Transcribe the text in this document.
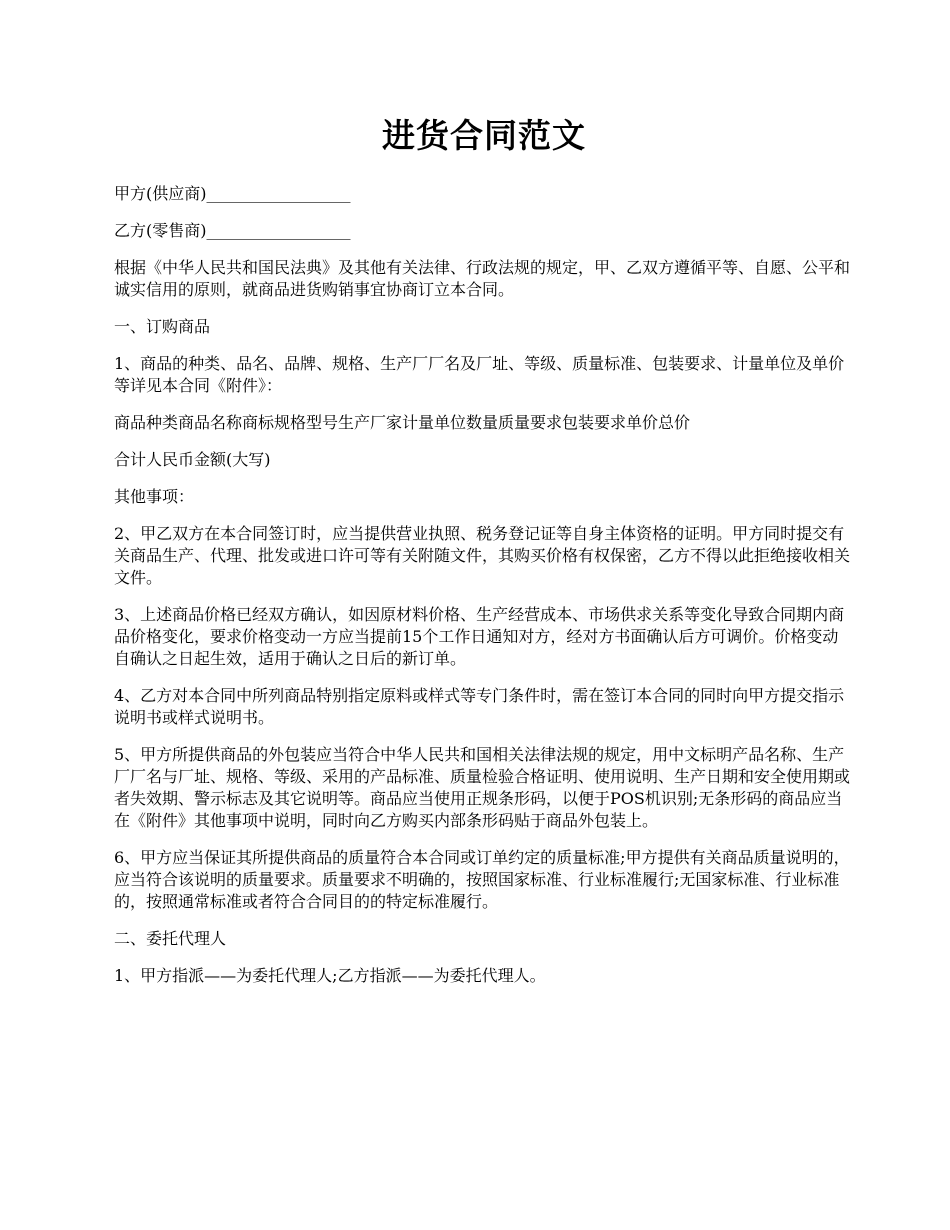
进货合同范文

甲方(供应商)__________________

乙方(零售商)__________________

根据《中华人民共和国民法典》及其他有关法律、行政法规的规定，甲、乙双方遵循平等、自愿、公平和诚实信用的原则，就商品进货购销事宜协商订立本合同。

一、订购商品

1、商品的种类、品名、品牌、规格、生产厂厂名及厂址、等级、质量标准、包装要求、计量单位及单价等详见本合同《附件》：

商品种类商品名称商标规格型号生产厂家计量单位数量质量要求包装要求单价总价

合计人民币金额(大写)

其他事项：

2、甲乙双方在本合同签订时，应当提供营业执照、税务登记证等自身主体资格的证明。甲方同时提交有关商品生产、代理、批发或进口许可等有关附随文件，其购买价格有权保密，乙方不得以此拒绝接收相关文件。

3、上述商品价格已经双方确认，如因原材料价格、生产经营成本、市场供求关系等变化导致合同期内商品价格变化，要求价格变动一方应当提前15个工作日通知对方，经对方书面确认后方可调价。价格变动自确认之日起生效，适用于确认之日后的新订单。

4、乙方对本合同中所列商品特别指定原料或样式等专门条件时，需在签订本合同的同时向甲方提交指示说明书或样式说明书。

5、甲方所提供商品的外包装应当符合中华人民共和国相关法律法规的规定，用中文标明产品名称、生产厂厂名与厂址、规格、等级、采用的产品标准、质量检验合格证明、使用说明、生产日期和安全使用期或者失效期、警示标志及其它说明等。商品应当使用正规条形码，以便于POS机识别;无条形码的商品应当在《附件》其他事项中说明，同时向乙方购买内部条形码贴于商品外包装上。

6、甲方应当保证其所提供商品的质量符合本合同或订单约定的质量标准;甲方提供有关商品质量说明的，应当符合该说明的质量要求。质量要求不明确的，按照国家标准、行业标准履行;无国家标准、行业标准的，按照通常标准或者符合合同目的的特定标准履行。

二、委托代理人

1、甲方指派——为委托代理人;乙方指派——为委托代理人。
